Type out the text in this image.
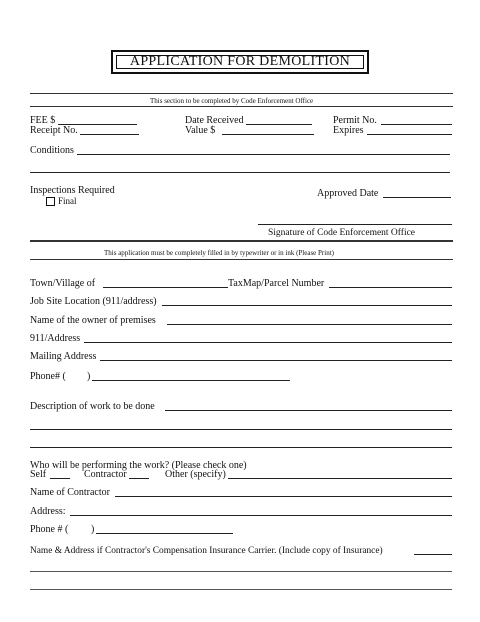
APPLICATION FOR DEMOLITION
This section to be completed by Code Enforcement Office
FEE $	Date Received	Permit No.
Receipt No.	Value $	Expires
Conditions
Inspections Required
Final
Approved Date
Signature of Code Enforcement Office
This application must be completely filled in by typewriter or in ink (Please Print)
Town/Village of	TaxMap/Parcel Number
Job Site Location (911/address)
Name of the owner of premises
911/Address
Mailing Address
Phone# ( )
Description of work to be done
Who will be performing the work? (Please check one)
Self	Contractor	Other (specify)
Name of Contractor
Address:
Phone # ( )
Name & Address if Contractor's Compensation Insurance Carrier. (Include copy of Insurance)
